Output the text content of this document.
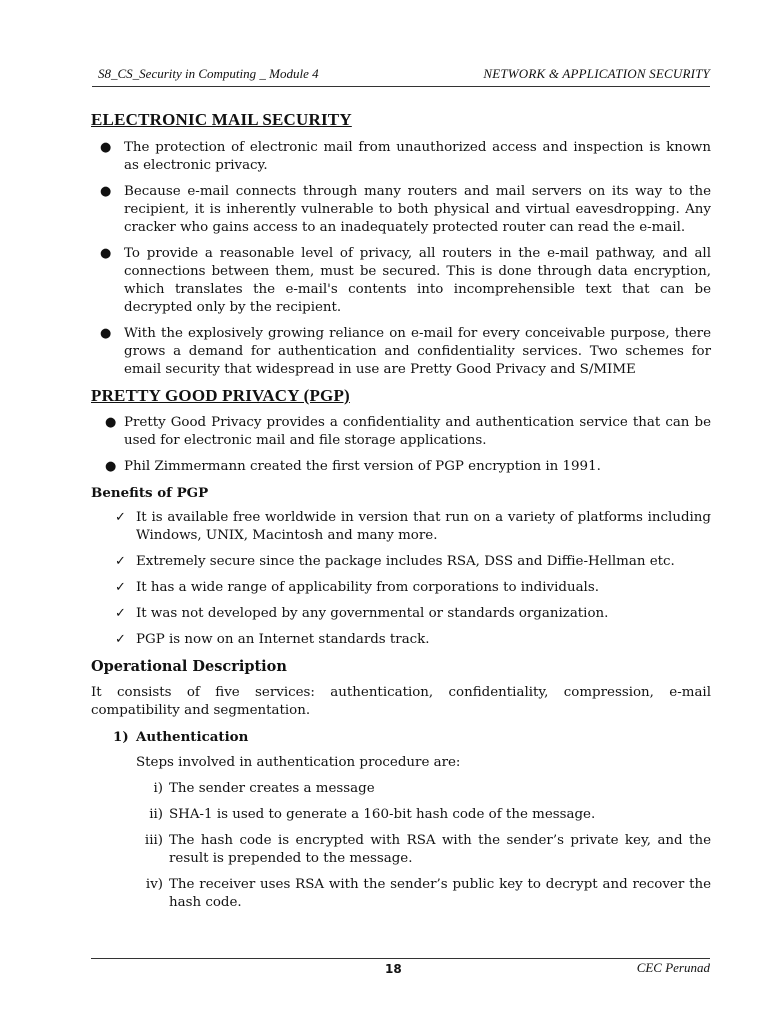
S8_CS_Security in Computing _ Module 4	NETWORK & APPLICATION SECURITY
ELECTRONIC MAIL SECURITY
● The protection of electronic mail from unauthorized access and inspection is known as electronic privacy.
● Because e-mail connects through many routers and mail servers on its way to the recipient, it is inherently vulnerable to both physical and virtual eavesdropping. Any cracker who gains access to an inadequately protected router can read the e-mail.
● To provide a reasonable level of privacy, all routers in the e-mail pathway, and all connections between them, must be secured. This is done through data encryption, which translates the e-mail's contents into incomprehensible text that can be decrypted only by the recipient.
● With the explosively growing reliance on e-mail for every conceivable purpose, there grows a demand for authentication and confidentiality services. Two schemes for email security that widespread in use are Pretty Good Privacy and S/MIME
PRETTY GOOD PRIVACY (PGP)
● Pretty Good Privacy provides a confidentiality and authentication service that can be used for electronic mail and file storage applications.
● Phil Zimmermann created the first version of PGP encryption in 1991.
Benefits of PGP
✓ It is available free worldwide in version that run on a variety of platforms including Windows, UNIX, Macintosh and many more.
✓ Extremely secure since the package includes RSA, DSS and Diffie-Hellman etc.
✓ It has a wide range of applicability from corporations to individuals.
✓ It was not developed by any governmental or standards organization.
✓ PGP is now on an Internet standards track.
Operational Description

It consists of five services: authentication, confidentiality, compression, e-mail compatibility and segmentation.

1) Authentication

Steps involved in authentication procedure are:

i) The sender creates a message
ii) SHA-1 is used to generate a 160-bit hash code of the message.
iii) The hash code is encrypted with RSA with the sender’s private key, and the result is prepended to the message.
iv) The receiver uses RSA with the sender’s public key to decrypt and recover the hash code.
18	CEC Perunad
